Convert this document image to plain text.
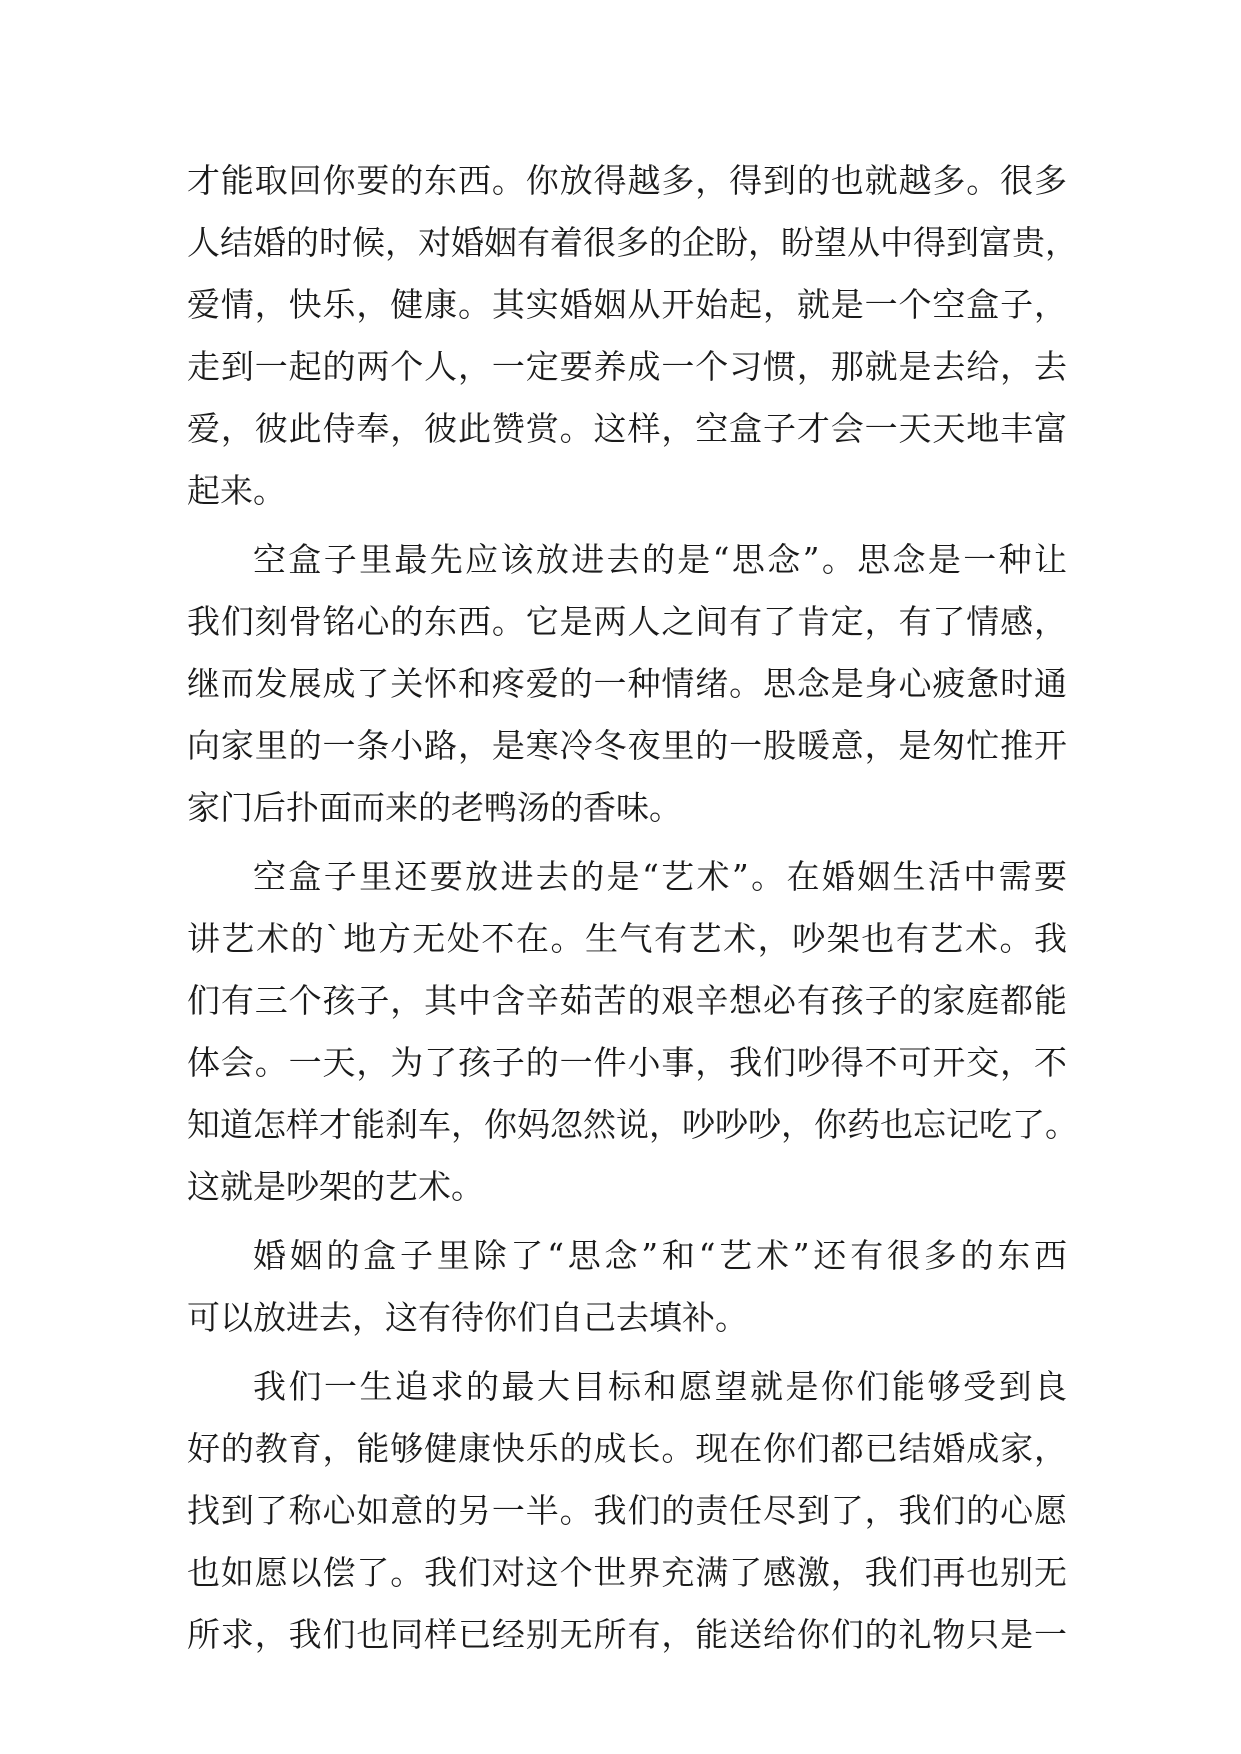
才能取回你要的东西。你放得越多，得到的也就越多。很多
人结婚的时候，对婚姻有着很多的企盼，盼望从中得到富贵，
爱情，快乐，健康。其实婚姻从开始起，就是一个空盒子，
走到一起的两个人，一定要养成一个习惯，那就是去给，去
爱，彼此侍奉，彼此赞赏。这样，空盒子才会一天天地丰富
起来。
空盒子里最先应该放进去的是“思念”。思念是一种让
我们刻骨铭心的东西。它是两人之间有了肯定，有了情感，
继而发展成了关怀和疼爱的一种情绪。思念是身心疲惫时通
向家里的一条小路，是寒冷冬夜里的一股暖意，是匆忙推开
家门后扑面而来的老鸭汤的香味。
空盒子里还要放进去的是“艺术”。在婚姻生活中需要
讲艺术的`地方无处不在。生气有艺术，吵架也有艺术。我
们有三个孩子，其中含辛茹苦的艰辛想必有孩子的家庭都能
体会。一天，为了孩子的一件小事，我们吵得不可开交，不
知道怎样才能刹车，你妈忽然说，吵吵吵，你药也忘记吃了。
这就是吵架的艺术。
婚姻的盒子里除了“思念”和“艺术”还有很多的东西
可以放进去，这有待你们自己去填补。
我们一生追求的最大目标和愿望就是你们能够受到良
好的教育，能够健康快乐的成长。现在你们都已结婚成家，
找到了称心如意的另一半。我们的责任尽到了，我们的心愿
也如愿以偿了。我们对这个世界充满了感激，我们再也别无
所求，我们也同样已经别无所有，能送给你们的礼物只是一
